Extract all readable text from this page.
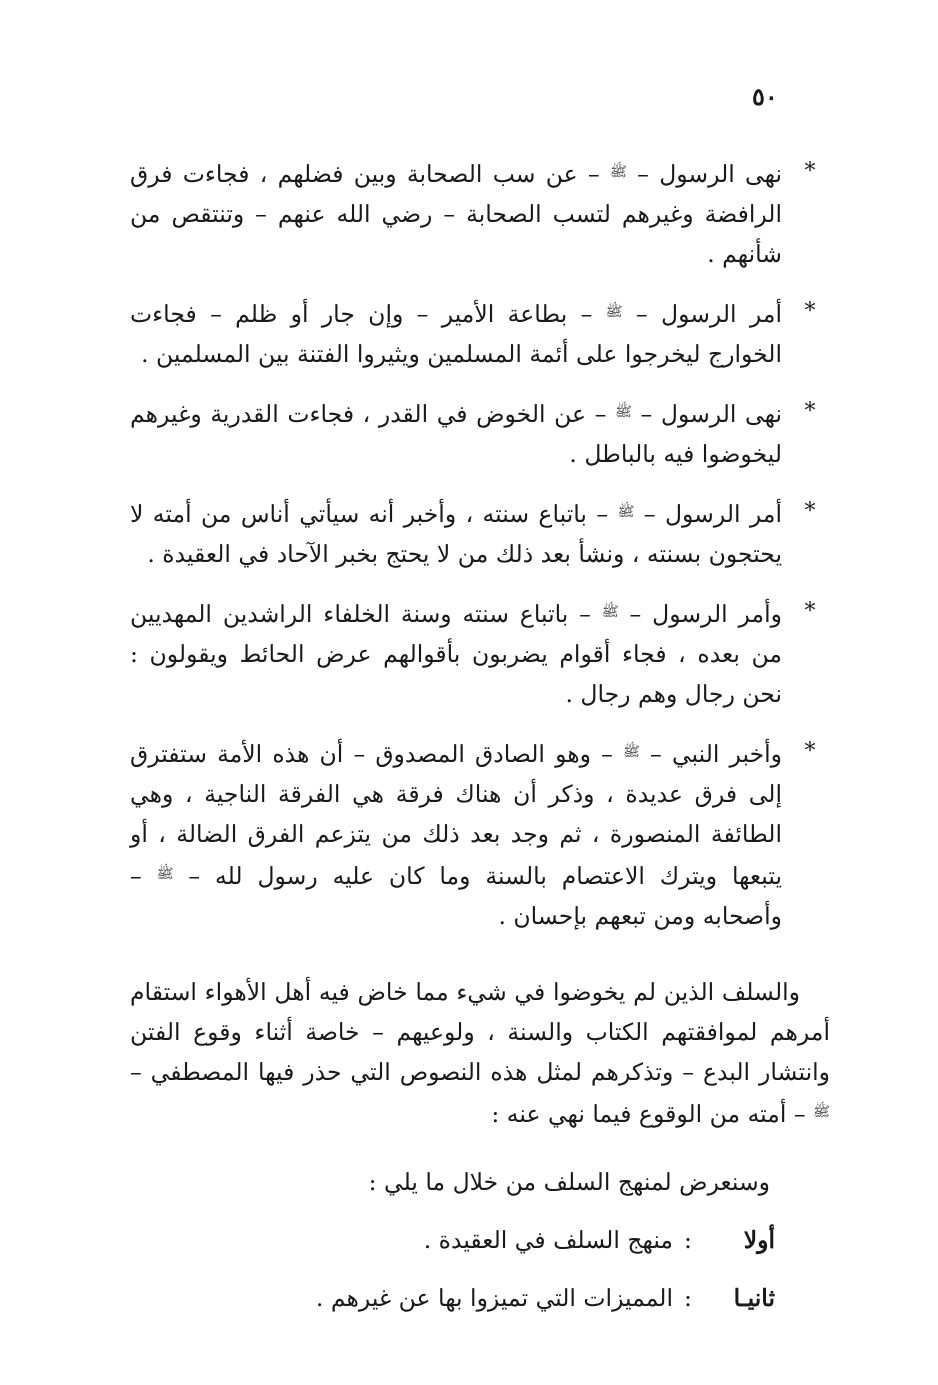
٥٠
*
نهى الرسول – $^ﷺ$ – عن سب الصحابة وبين فضلهم ، فجاءت فرق الرافضة وغيرهم لتسب الصحابة – رضي الله عنهم – وتنتقص من شأنهم .
*
أمر الرسول – $^ﷺ$ – بطاعة الأمير – وإن جار أو ظلم – فجاءت الخوارج ليخرجوا على أئمة المسلمين ويثيروا الفتنة بين المسلمين .
*
نهى الرسول – $^ﷺ$ – عن الخوض في القدر ، فجاءت القدرية وغيرهم ليخوضوا فيه بالباطل .
*
أمر الرسول – $^ﷺ$ – باتباع سنته ، وأخبر أنه سيأتي أناس من أمته لا يحتجون بسنته ، ونشأ بعد ذلك من لا يحتج بخبر الآحاد في العقيدة .
*
وأمر الرسول – $^ﷺ$ – باتباع سنته وسنة الخلفاء الراشدين المهديين من بعده ، فجاء أقوام يضربون بأقوالهم عرض الحائط ويقولون : نحن رجال وهم رجال .
*
وأخبر النبي – $^ﷺ$ – وهو الصادق المصدوق – أن هذه الأمة ستفترق إلى فرق عديدة ، وذكر أن هناك فرقة هي الفرقة الناجية ، وهي الطائفة المنصورة ، ثم وجد بعد ذلك من يتزعم الفرق الضالة ، أو يتبعها ويترك الاعتصام بالسنة وما كان عليه رسول لله – $^ﷺ$ – وأصحابه ومن تبعهم بإحسان .

والسلف الذين لم يخوضوا في شيء مما خاض فيه أهل الأهواء استقام أمرهم لموافقتهم الكتاب والسنة ، ولوعيهم – خاصة أثناء وقوع الفتن وانتشار البدع – وتذكرهم لمثل هذه النصوص التي حذر فيها المصطفي – $^ﷺ$ – أمته من الوقوع فيما نهي عنه :

وسنعرض لمنهج السلف من خلال ما يلي :
أولا
:
منهج السلف في العقيدة .
ثانيـا
:
المميزات التي تميزوا بها عن غيرهم .
